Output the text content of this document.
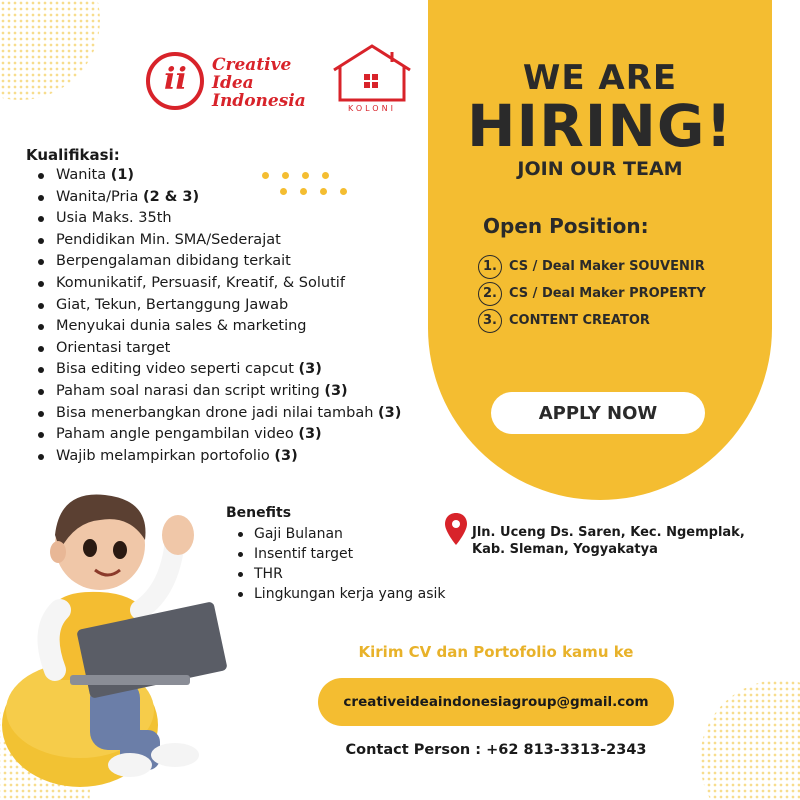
ii Creative Idea Indonesia	KOLONI
WE ARE
HIRING!
JOIN OUR TEAM
Open Position:
1. CS / Deal Maker SOUVENIR
2. CS / Deal Maker PROPERTY
3. CONTENT CREATOR
APPLY NOW
Kualifikasi:
Wanita (1)
Wanita/Pria (2 & 3)
Usia Maks. 35th
Pendidikan Min. SMA/Sederajat
Berpengalaman dibidang terkait
Komunikatif, Persuasif, Kreatif, & Solutif
Giat, Tekun, Bertanggung Jawab
Menyukai dunia sales & marketing
Orientasi target
Bisa editing video seperti capcut (3)
Paham soal narasi dan script writing (3)
Bisa menerbangkan drone jadi nilai tambah (3)
Paham angle pengambilan video (3)
Wajib melampirkan portofolio (3)
Benefits
Gaji Bulanan
Insentif target
THR
Lingkungan kerja yang asik
Jln. Uceng Ds. Saren, Kec. Ngemplak,
Kab. Sleman, Yogyakatya
Kirim CV dan Portofolio kamu ke
creativeideaindonesiagroup@gmail.com
Contact Person : +62 813-3313-2343
